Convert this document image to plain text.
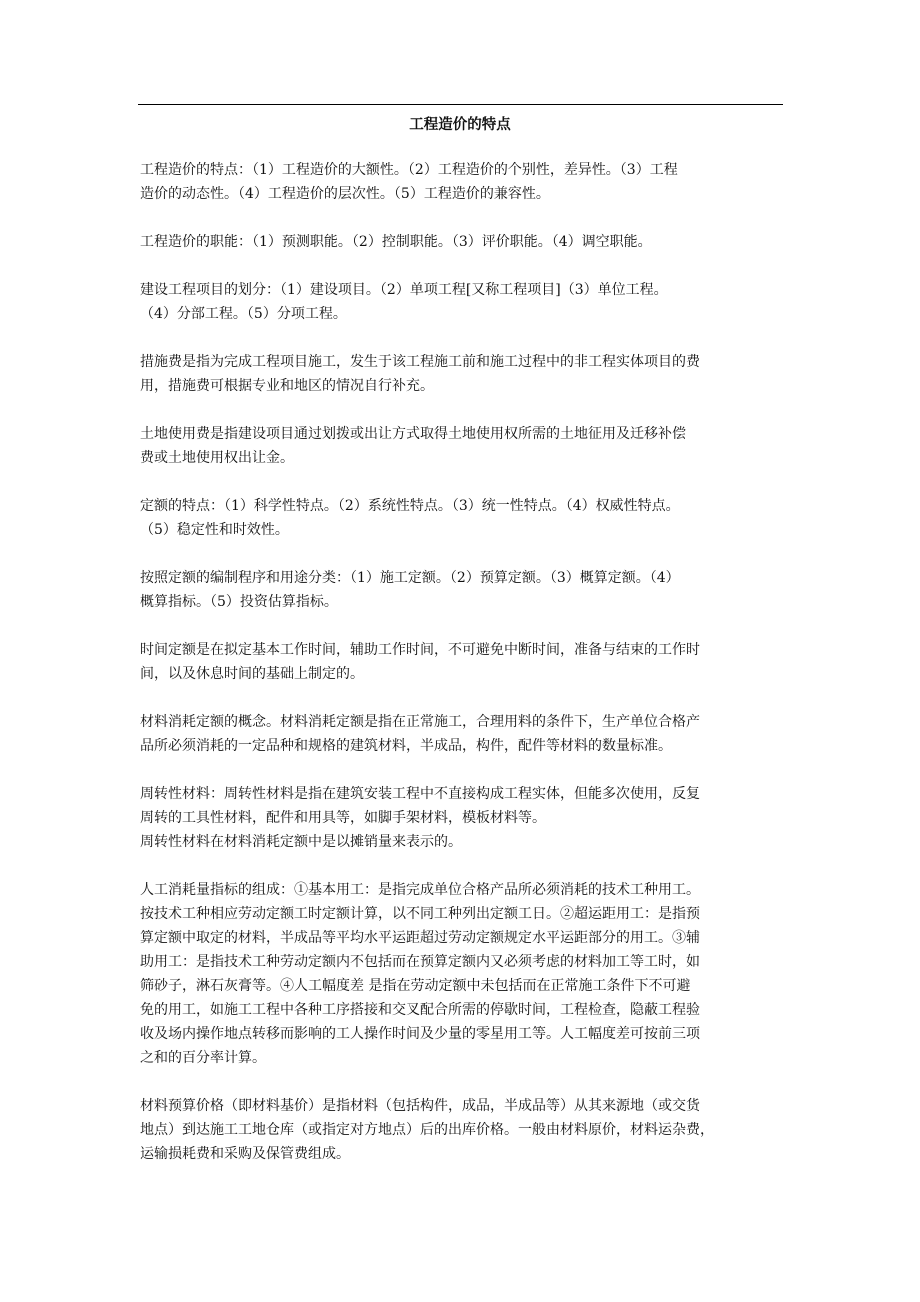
工程造价的特点
工程造价的特点：（1）工程造价的大额性。（2）工程造价的个别性，差异性。（3）工程
造价的动态性。（4）工程造价的层次性。（5）工程造价的兼容性。
工程造价的职能：（1）预测职能。（2）控制职能。（3）评价职能。（4）调空职能。
建设工程项目的划分：（1）建设项目。（2）单项工程[又称工程项目]（3）单位工程。
（4）分部工程。（5）分项工程。
措施费是指为完成工程项目施工，发生于该工程施工前和施工过程中的非工程实体项目的费
用，措施费可根据专业和地区的情况自行补充。
土地使用费是指建设项目通过划拨或出让方式取得土地使用权所需的土地征用及迁移补偿
费或土地使用权出让金。
定额的特点：（1）科学性特点。（2）系统性特点。（3）统一性特点。（4）权威性特点。
（5）稳定性和时效性。
按照定额的编制程序和用途分类：（1）施工定额。（2）预算定额。（3）概算定额。（4）
概算指标。（5）投资估算指标。
时间定额是在拟定基本工作时间，辅助工作时间，不可避免中断时间，准备与结束的工作时
间，以及休息时间的基础上制定的。
材料消耗定额的概念。材料消耗定额是指在正常施工，合理用料的条件下，生产单位合格产
品所必须消耗的一定品种和规格的建筑材料，半成品，构件，配件等材料的数量标准。
周转性材料：周转性材料是指在建筑安装工程中不直接构成工程实体，但能多次使用，反复
周转的工具性材料，配件和用具等，如脚手架材料，模板材料等。
周转性材料在材料消耗定额中是以摊销量来表示的。
人工消耗量指标的组成：①基本用工：是指完成单位合格产品所必须消耗的技术工种用工。
按技术工种相应劳动定额工时定额计算，以不同工种列出定额工日。②超运距用工：是指预
算定额中取定的材料，半成品等平均水平运距超过劳动定额规定水平运距部分的用工。③辅
助用工：是指技术工种劳动定额内不包括而在预算定额内又必须考虑的材料加工等工时，如
筛砂子，淋石灰膏等。④人工幅度差 是指在劳动定额中未包括而在正常施工条件下不可避
免的用工，如施工工程中各种工序搭接和交叉配合所需的停歇时间，工程检查，隐蔽工程验
收及场内操作地点转移而影响的工人操作时间及少量的零星用工等。人工幅度差可按前三项
之和的百分率计算。
材料预算价格（即材料基价）是指材料（包括构件，成品，半成品等）从其来源地（或交货
地点）到达施工工地仓库（或指定对方地点）后的出库价格。一般由材料原价，材料运杂费，
运输损耗费和采购及保管费组成。
